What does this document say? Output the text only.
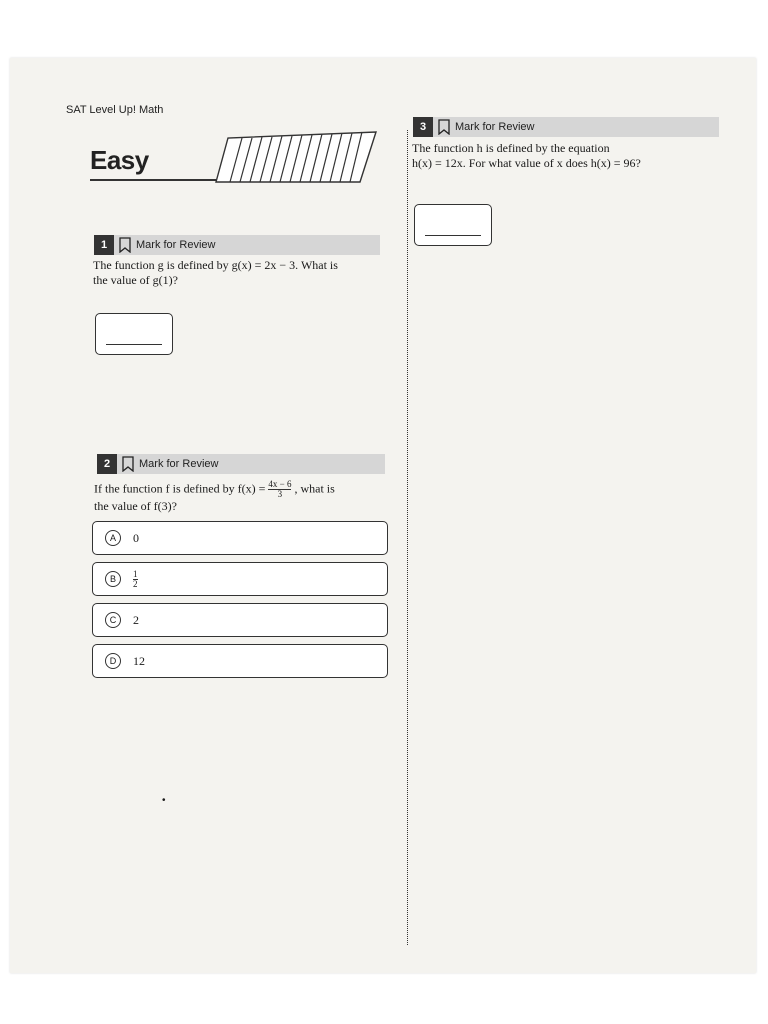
SAT Level Up! Math
Easy
1	Mark for Review
The function g is defined by g(x) = 2x − 3. What is
the value of g(1)?
2	Mark for Review
If the function f is defined by $f(x) = \frac{4x - 6}{3}$ , what is
the value of f(3)?
A	0
B	$\frac{1}{2}$
C	2
D	12
3	Mark for Review
The function h is defined by the equation
h(x) = 12x. For what value of x does h(x) = 96?
•
